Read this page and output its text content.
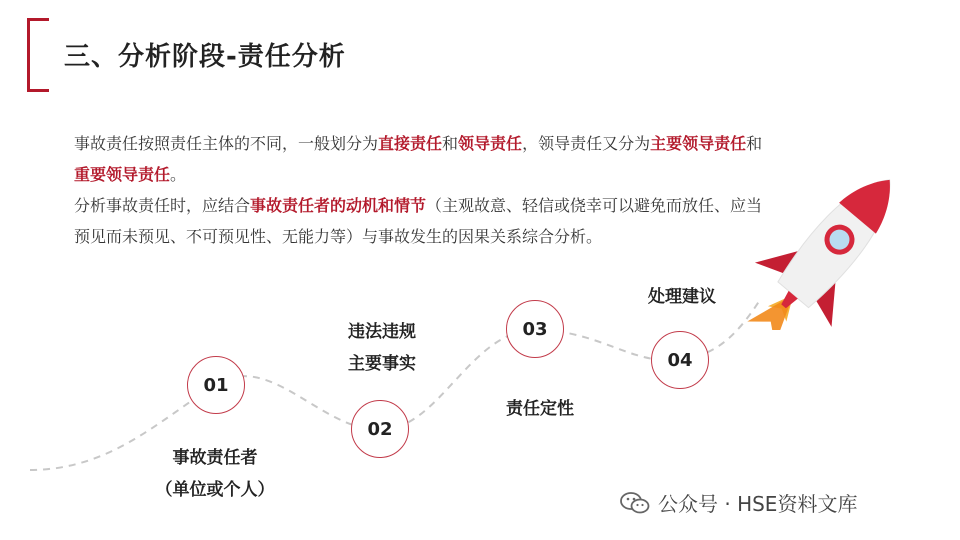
三、分析阶段-责任分析

事故责任按照责任主体的不同，一般划分为直接责任和领导责任，领导责任又分为主要领导责任和重要领导责任。

分析事故责任时，应结合事故责任者的动机和情节（主观故意、轻信或侥幸可以避免而放任、应当预见而未预见、不可预见性、无能力等）与事故发生的因果关系综合分析。

01
02
03
04
事故责任者
（单位或个人）
违法违规
主要事实
责任定性
处理建议
公众号 · HSE资料文库
